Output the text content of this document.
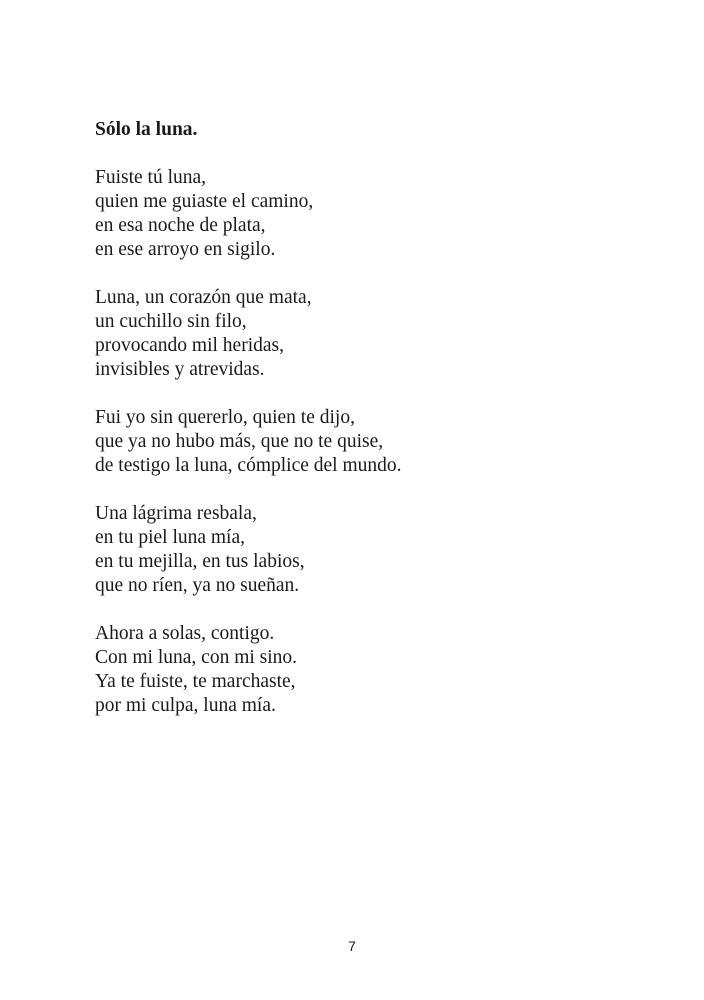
Sólo la luna.
Fuiste tú luna,
quien me guiaste el camino,
en esa noche de plata,
en ese arroyo en sigilo.
Luna, un corazón que mata,
un cuchillo sin filo,
provocando mil heridas,
invisibles y atrevidas.
Fui yo sin quererlo, quien te dijo,
que ya no hubo más, que no te quise,
de testigo la luna, cómplice del mundo.
Una lágrima resbala,
en tu piel luna mía,
en tu mejilla, en tus labios,
que no ríen, ya no sueñan.
Ahora a solas, contigo.
Con mi luna, con mi sino.
Ya te fuiste, te marchaste,
por mi culpa, luna mía.
7
